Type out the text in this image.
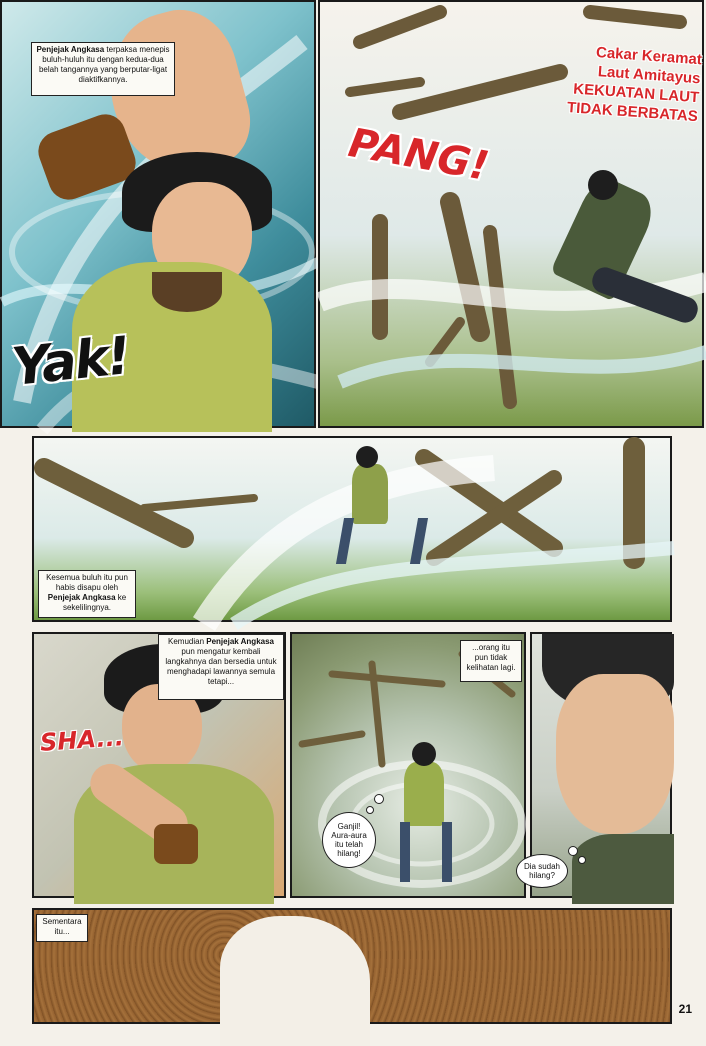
Penjejak Angkasa terpaksa menepis buluh-huluh itu dengan kedua-dua belah tangannya yang berputar-ligat diaktifkannya.
Yak!
Cakar Keramat
Laut Amitayus
KEKUATAN LAUT
TIDAK BERBATAS
PANG!
Kesemua buluh itu pun habis disapu oleh Penjejak Angkasa ke sekelilingnya.
Kemudian Penjejak Angkasa pun mengatur kembali langkahnya dan bersedia untuk menghadapi lawannya semula tetapi...
SHA...
...orang itu pun tidak kelihatan lagi.
Ganjil! Aura-aura itu telah hilang!
Dia sudah hilang?
Sementara itu...
21
